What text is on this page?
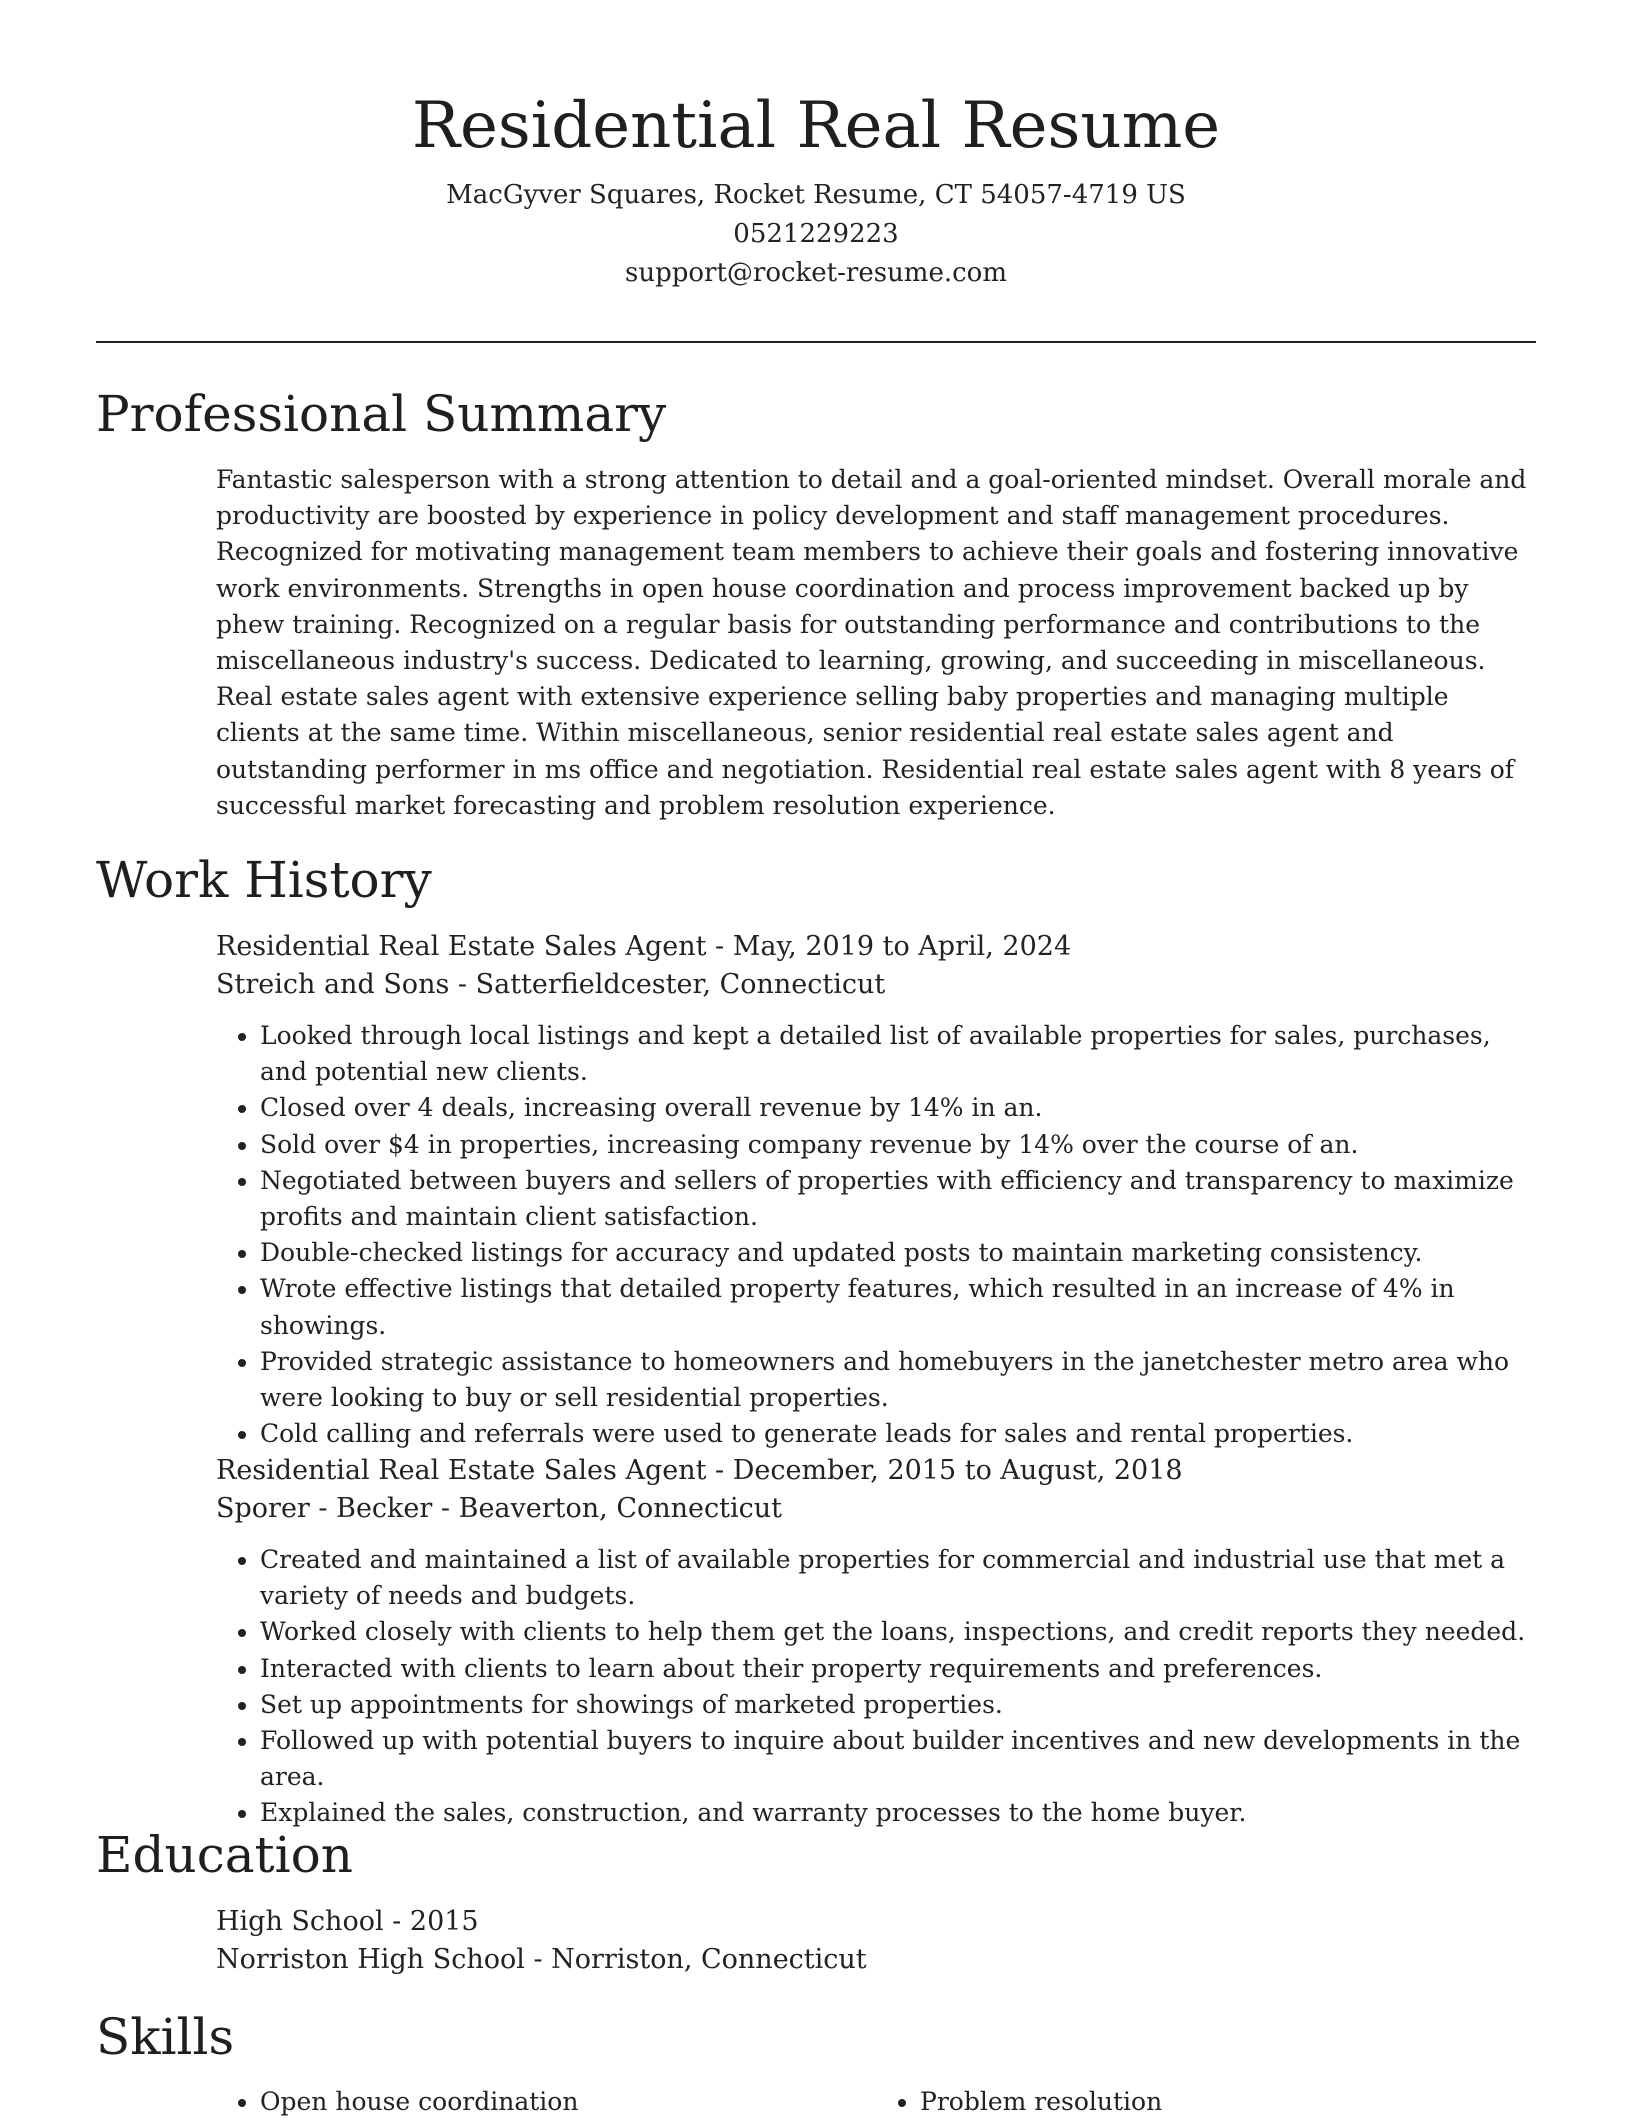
Residential Real Resume
MacGyver Squares, Rocket Resume, CT 54057-4719 US
0521229223
support@rocket-resume.com
Professional Summary

Fantastic salesperson with a strong attention to detail and a goal-oriented mindset. Overall morale and productivity are boosted by experience in policy development and staff management procedures. Recognized for motivating management team members to achieve their goals and fostering innovative work environments. Strengths in open house coordination and process improvement backed up by phew training. Recognized on a regular basis for outstanding performance and contributions to the miscellaneous industry's success. Dedicated to learning, growing, and succeeding in miscellaneous. Real estate sales agent with extensive experience selling baby properties and managing multiple clients at the same time. Within miscellaneous, senior residential real estate sales agent and outstanding performer in ms office and negotiation. Residential real estate sales agent with 8 years of successful market forecasting and problem resolution experience.

Work History
Residential Real Estate Sales Agent - May, 2019 to April, 2024
Streich and Sons - Satterfieldcester, Connecticut
• Looked through local listings and kept a detailed list of available properties for sales, purchases, and potential new clients.
• Closed over 4 deals, increasing overall revenue by 14% in an.
• Sold over $4 in properties, increasing company revenue by 14% over the course of an.
• Negotiated between buyers and sellers of properties with efficiency and transparency to maximize profits and maintain client satisfaction.
• Double-checked listings for accuracy and updated posts to maintain marketing consistency.
• Wrote effective listings that detailed property features, which resulted in an increase of 4% in showings.
• Provided strategic assistance to homeowners and homebuyers in the janetchester metro area who were looking to buy or sell residential properties.
• Cold calling and referrals were used to generate leads for sales and rental properties.
Residential Real Estate Sales Agent - December, 2015 to August, 2018
Sporer - Becker - Beaverton, Connecticut
• Created and maintained a list of available properties for commercial and industrial use that met a variety of needs and budgets.
• Worked closely with clients to help them get the loans, inspections, and credit reports they needed.
• Interacted with clients to learn about their property requirements and preferences.
• Set up appointments for showings of marketed properties.
• Followed up with potential buyers to inquire about builder incentives and new developments in the area.
• Explained the sales, construction, and warranty processes to the home buyer.
Education
High School - 2015
Norriston High School - Norriston, Connecticut
Skills
• Open house coordination
•	Problem resolution
